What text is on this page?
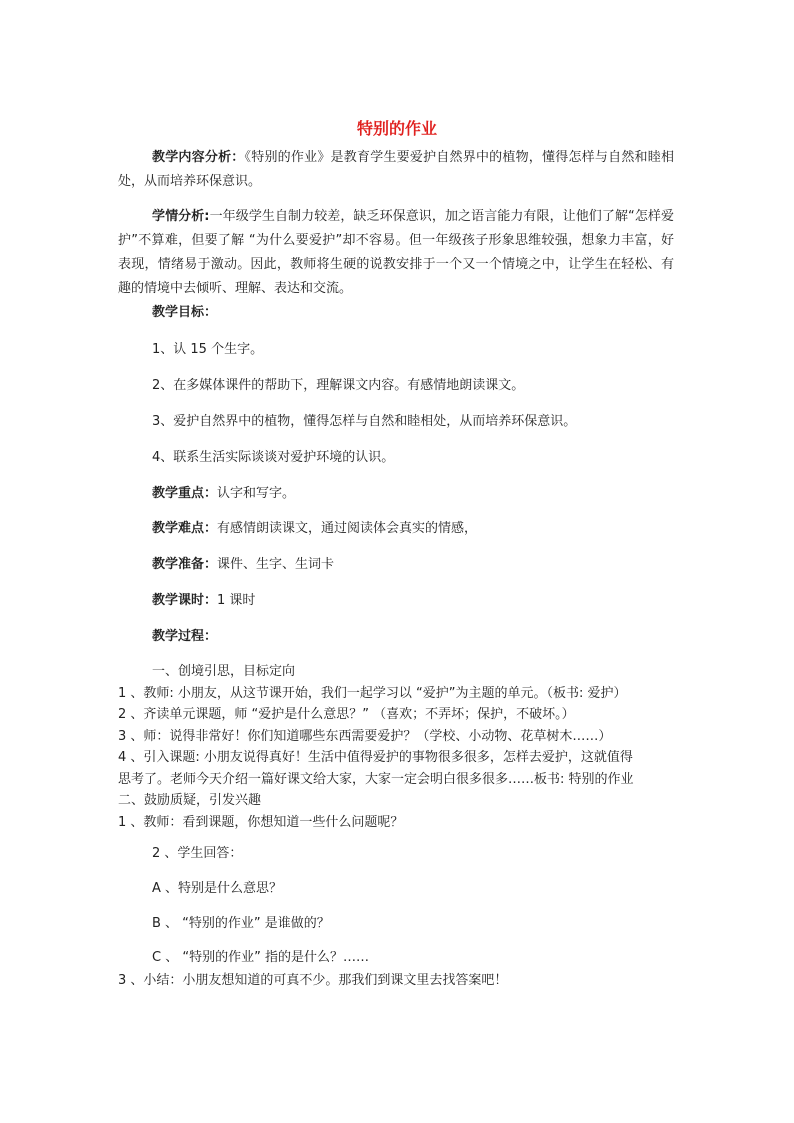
特别的作业
教学内容分析：《特别的作业》是教育学生要爱护自然界中的植物，懂得怎样与自然和睦相处，从而培养环保意识。
学情分析:一年级学生自制力较差，缺乏环保意识，加之语言能力有限，让他们了解“怎样爱护”不算难，但要了解 “为什么要爱护”却不容易。但一年级孩子形象思维较强，想象力丰富，好表现，情绪易于激动。因此，教师将生硬的说教安排于一个又一个情境之中，让学生在轻松、有趣的情境中去倾听、理解、表达和交流。
教学目标：
1、认 15 个生字。
2、在多媒体课件的帮助下，理解课文内容。有感情地朗读课文。
3、爱护自然界中的植物，懂得怎样与自然和睦相处，从而培养环保意识。
4、联系生活实际谈谈对爱护环境的认识。
教学重点：认字和写字。
教学难点：有感情朗读课文，通过阅读体会真实的情感，
教学准备：课件、生字、生词卡
教学课时：1 课时
教学过程：
一、创境引思，目标定向
1 、教师: 小朋友，从这节课开始，我们一起学习以 “爱护”为主题的单元。（板书: 爱护）
2 、齐读单元课题，师 “爱护是什么意思？” （喜欢；不弄坏；保护，不破坏。）
3 、师：说得非常好！你们知道哪些东西需要爱护？（学校、小动物、花草树木……）
4 、引入课题: 小朋友说得真好！生活中值得爱护的事物很多很多，怎样去爱护，这就值得
思考了。老师今天介绍一篇好课文给大家，大家一定会明白很多很多……板书: 特别的作业
二、鼓励质疑，引发兴趣
1 、教师：看到课题，你想知道一些什么问题呢？
2 、学生回答：
A 、特别是什么意思？
B 、 “特别的作业” 是谁做的？
C 、 “特别的作业” 指的是什么？……
3 、小结：小朋友想知道的可真不少。那我们到课文里去找答案吧！
